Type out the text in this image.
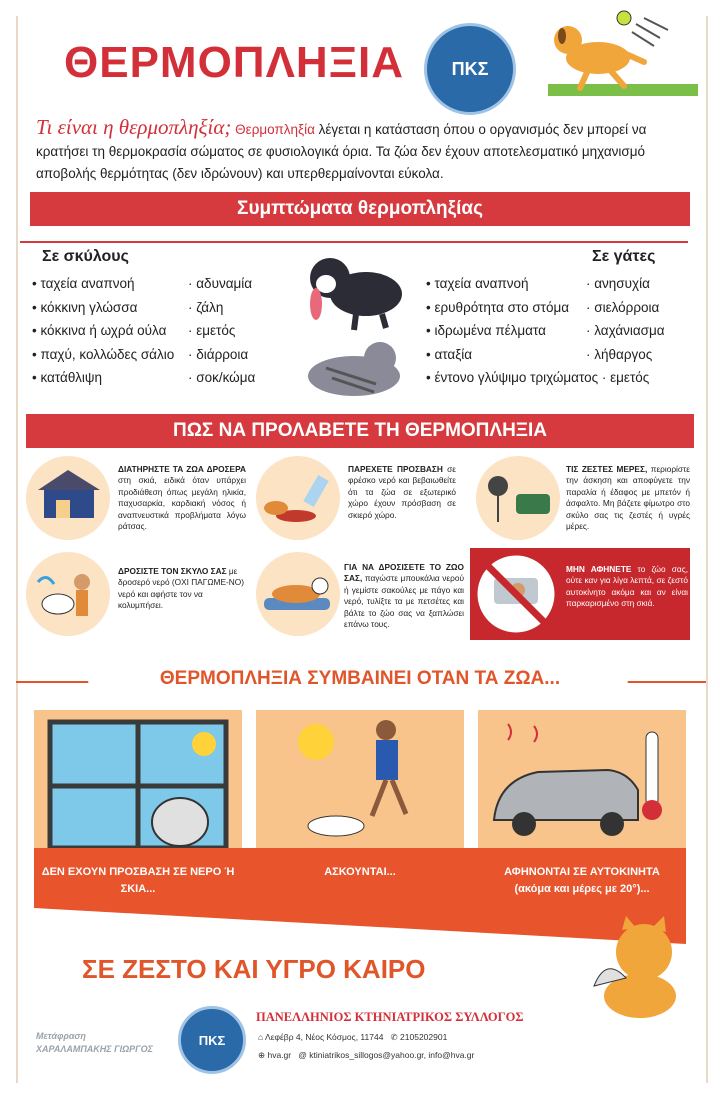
ΘΕΡΜΟΠΛΗΞΙΑ	ΠΚΣ
Τι είναι η θερμοπληξία; Θερμοπληξία λέγεται η κατάσταση όπου ο οργανισμός δεν μπορεί να κρατήσει τη θερμοκρασία σώματος σε φυσιολογικά όρια. Τα ζώα δεν έχουν αποτελεσματικό μηχανισμό αποβολής θερμότητας (δεν ιδρώνουν) και υπερθερμαίνονται εύκολα.
Συμπτώματα θερμοπληξίας
Σε σκύλους	Σε γάτες
• ταχεία αναπνοή
• κόκκινη γλώσσα
• κόκκινα ή ωχρά ούλα
• παχύ, κολλώδες σάλιο
• κατάθλιψη
· αδυναμία
· ζάλη
· εμετός
· διάρροια
· σοκ/κώμα
• ταχεία αναπνοή
• ερυθρότητα στο στόμα
• ιδρωμένα πέλματα
• αταξία
• έντονο γλύψιμο τριχώματος · εμετός
· ανησυχία
· σιελόρροια
· λαχάνιασμα
· λήθαργος
ΠΩΣ ΝΑ ΠΡΟΛΑΒΕΤΕ ΤΗ ΘΕΡΜΟΠΛΗΞΙΑ
ΔΙΑΤΗΡΗΣΤΕ ΤΑ ΖΩΑ ΔΡΟΣΕΡΑ στη σκιά, ειδικά όταν υπάρχει προδιάθεση όπως μεγάλη ηλικία, παχυσαρκία, καρδιακή νόσος ή αναπνευστικά προβλήματα λόγω ράτσας.
ΠΑΡΕΧΕΤΕ ΠΡΟΣΒΑΣΗ σε φρέσκο νερό και βεβαιωθείτε ότι τα ζώα σε εξωτερικό χώρο έχουν πρόσβαση σε σκιερό χώρο.
ΤΙΣ ΖΕΣΤΕΣ ΜΕΡΕΣ, περιορίστε την άσκηση και αποφύγετε την παραλία ή έδαφος με μπετόν ή άσφαλτο. Μη βάζετε φίμωτρο στο σκύλο σας τις ζεστές ή υγρές μέρες.
ΔΡΟΣΙΣΤΕ ΤΟΝ ΣΚΥΛΟ ΣΑΣ με δροσερό νερό (ΟΧΙ ΠΑΓΩΜΕ-ΝΟ) νερό και αφήστε τον να κολυμπήσει.
ΓΙΑ ΝΑ ΔΡΟΣΙΣΕΤΕ ΤΟ ΖΩΟ ΣΑΣ, παγώστε μπουκάλια νερού ή γεμίστε σακούλες με πάγο και νερό, τυλίξτε τα με πετσέτες και βάλτε το ζώο σας να ξαπλώσει επάνω τους.
ΜΗΝ ΑΦΗΝΕΤΕ το ζώο σας, ούτε καν για λίγα λεπτά, σε ζεστό αυτοκίνητο ακόμα και αν είναι παρκαρισμένο στη σκιά.
ΘΕΡΜΟΠΛΗΞΙΑ ΣΥΜΒΑΙΝΕΙ ΟΤΑΝ ΤΑ ΖΩΑ...
ΔΕΝ ΕΧΟΥΝ ΠΡΟΣΒΑΣΗ ΣΕ ΝΕΡΟ Ή ΣΚΙΑ...
ΑΣΚΟΥΝΤΑΙ...	ΑΦΗΝΟΝΤΑΙ ΣΕ ΑΥΤΟΚΙΝΗΤΑ
(ακόμα και μέρες με 20°)...
ΣΕ ΖΕΣΤΟ ΚΑΙ ΥΓΡΟ ΚΑΙΡΟ
Μετάφραση
ΧΑΡΑΛΑΜΠΑΚΗΣ ΓΙΩΡΓΟΣ
ΠΚΣ
ΠΑΝΕΛΛΗΝΙΟΣ ΚΤΗΝΙΑΤΡΙΚΟΣ ΣΥΛΛΟΓΟΣ
⌂ Λεφέβρ 4, Νέος Κόσμος, 11744 ✆ 2105202901
⊕ hva.gr @ ktiniatrikos_sillogos@yahoo.gr, info@hva.gr
